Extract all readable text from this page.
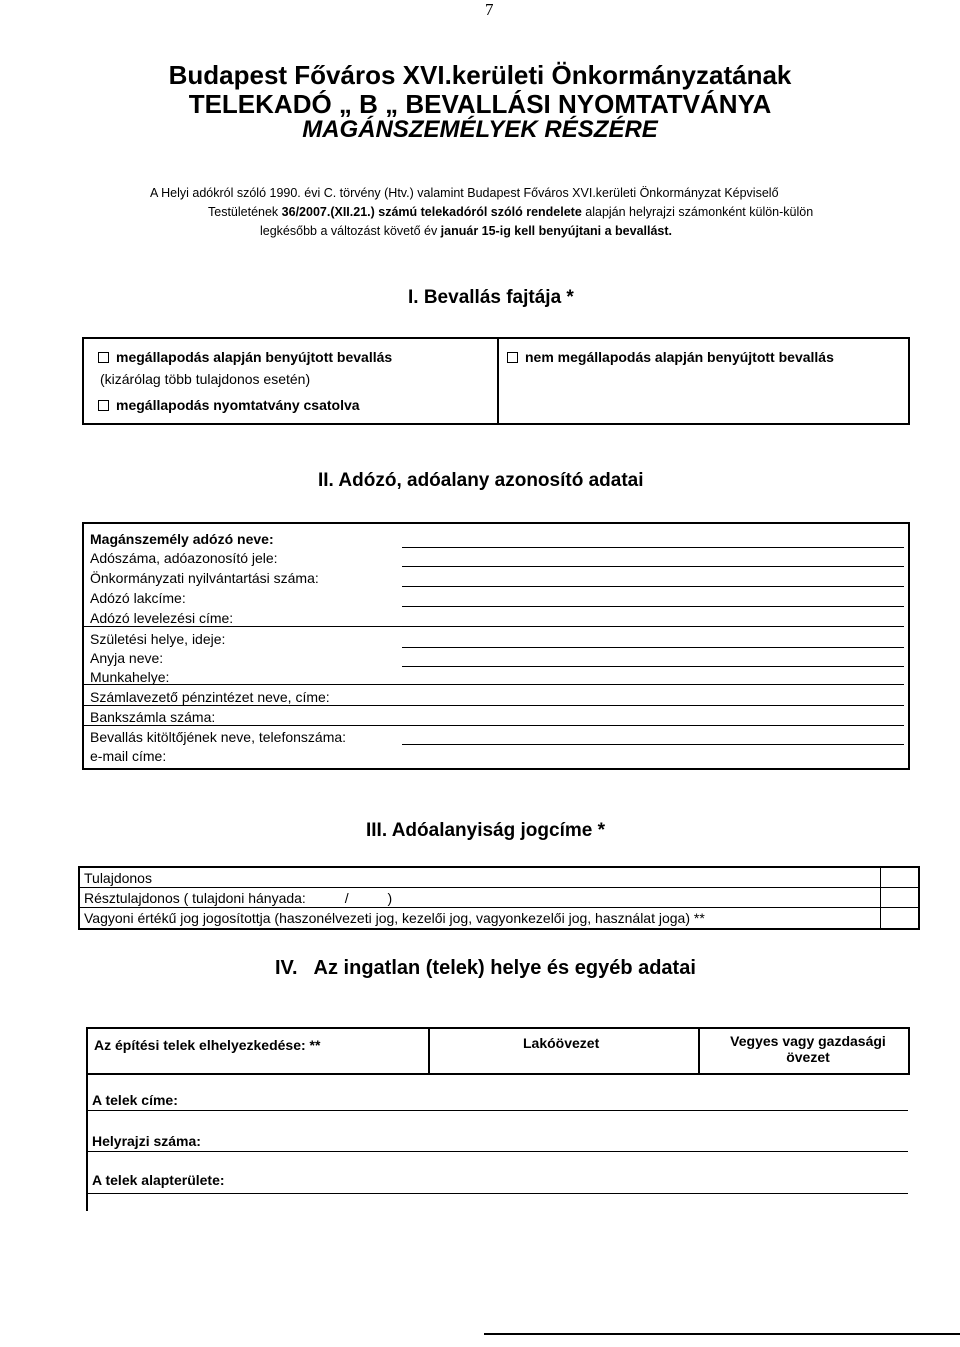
7
Budapest Főváros XVI.kerületi Önkormányzatának
TELEKADÓ „ B „ BEVALLÁSI NYOMTATVÁNYA
MAGÁNSZEMÉLYEK RÉSZÉRE
A Helyi adókról szóló 1990. évi C. törvény (Htv.) valamint Budapest Főváros XVI.kerületi Önkormányzat Képviselő
Testületének 36/2007.(XII.21.) számú telekadóról szóló rendelete alapján helyrajzi számonként külön-külön
legkésőbb a változást követő év január 15-ig kell benyújtani a bevallást.
I. Bevallás fajtája *
megállapodás alapján benyújtott bevallás
(kizárólag több tulajdonos esetén)
megállapodás nyomtatvány csatolva
nem megállapodás alapján benyújtott bevallás
II. Adózó, adóalany azonosító adatai
Magánszemély adózó neve:
Adószáma, adóazonosító jele:
Önkormányzati nyilvántartási száma:
Adózó lakcíme:
Adózó levelezési címe:
Születési helye, ideje:
Anyja neve:
Munkahelye:
Számlavezető pénzintézet neve, címe:
Bankszámla száma:
Bevallás kitöltőjének neve, telefonszáma:
e-mail címe:
III. Adóalanyiság jogcíme *
Tulajdonos
Résztulajdonos ( tulajdoni hányada:          /          )
Vagyoni értékű jog jogosítottja (haszonélvezeti jog, kezelői jog, vagyonkezelői jog, használat joga) **
IV.   Az ingatlan (telek) helye és egyéb adatai
Az építési telek elhelyezkedése: **	Lakóövezet	Vegyes vagy gazdasági
övezet
A telek címe:
Helyrajzi száma:
A telek alapterülete:
